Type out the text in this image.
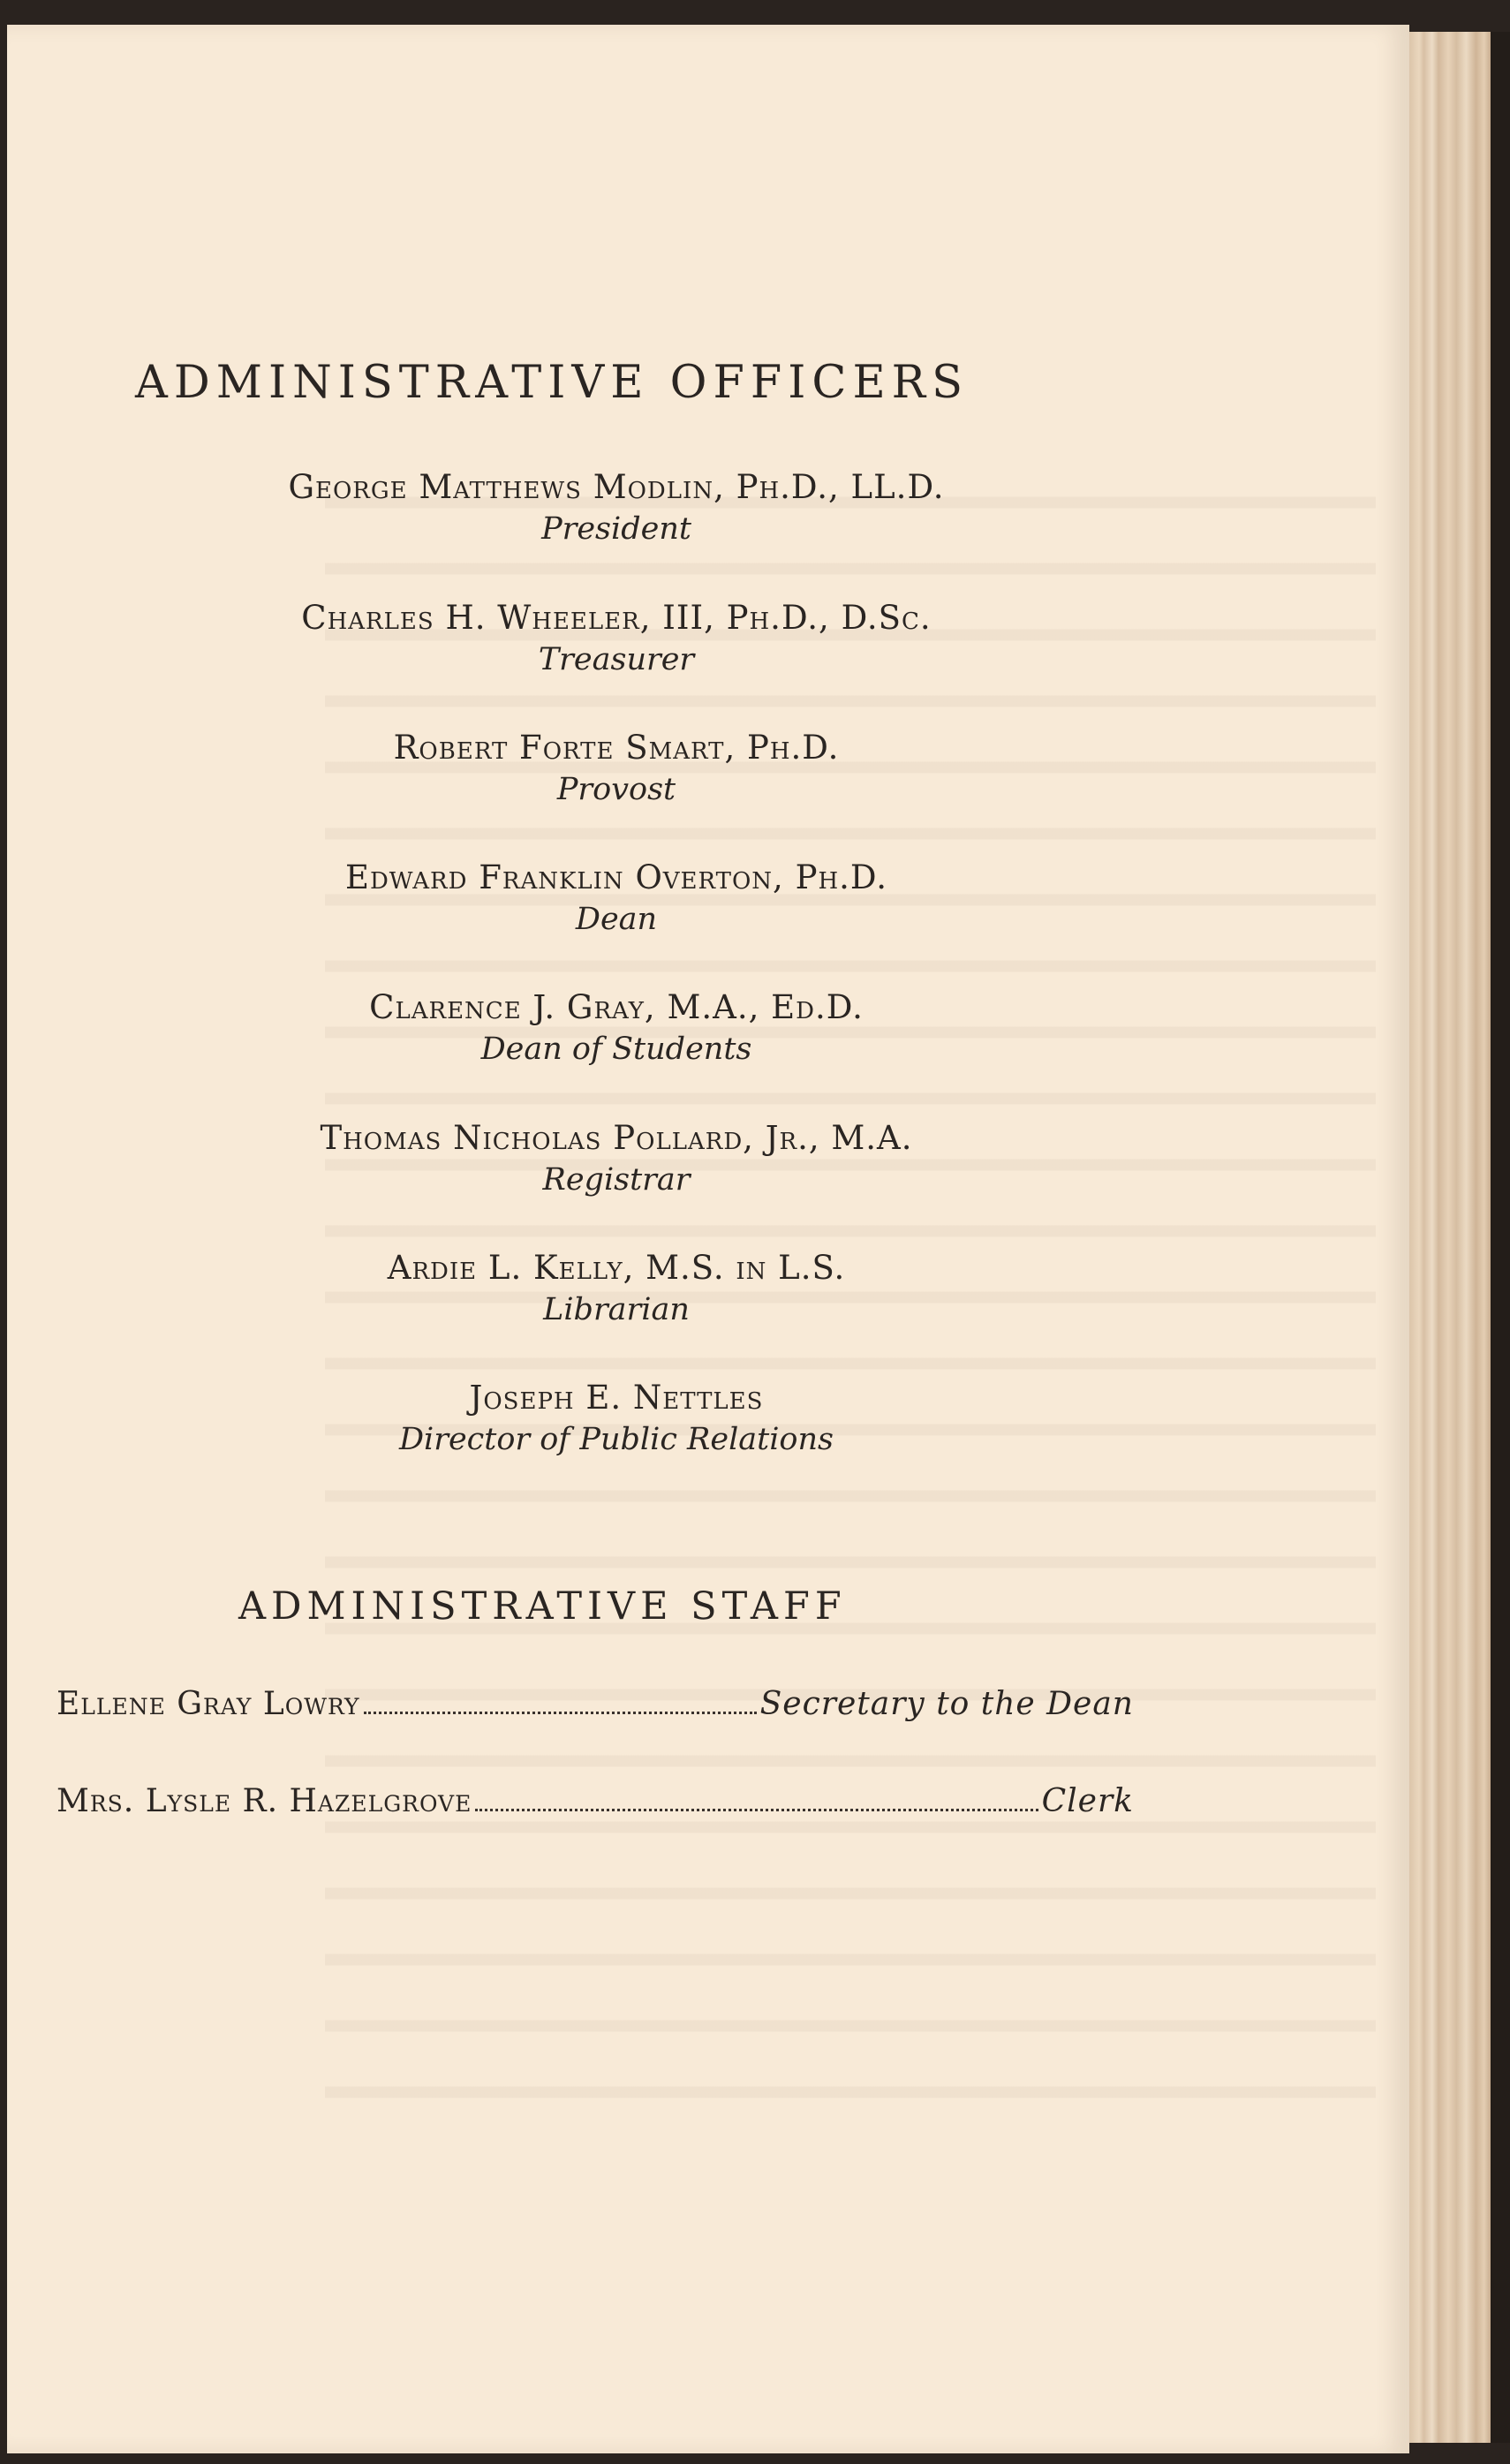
ADMINISTRATIVE OFFICERS
George Matthews Modlin, Ph.D., LL.D.
President
Charles H. Wheeler, III, Ph.D., D.Sc.
Treasurer
Robert Forte Smart, Ph.D.
Provost
Edward Franklin Overton, Ph.D.
Dean
Clarence J. Gray, M.A., Ed.D.
Dean of Students
Thomas Nicholas Pollard, Jr., M.A.
Registrar
Ardie L. Kelly, M.S. in L.S.
Librarian
Joseph E. Nettles
Director of Public Relations
ADMINISTRATIVE STAFF
Ellene Gray Lowry	Secretary to the Dean
Mrs. Lysle R. Hazelgrove	Clerk
